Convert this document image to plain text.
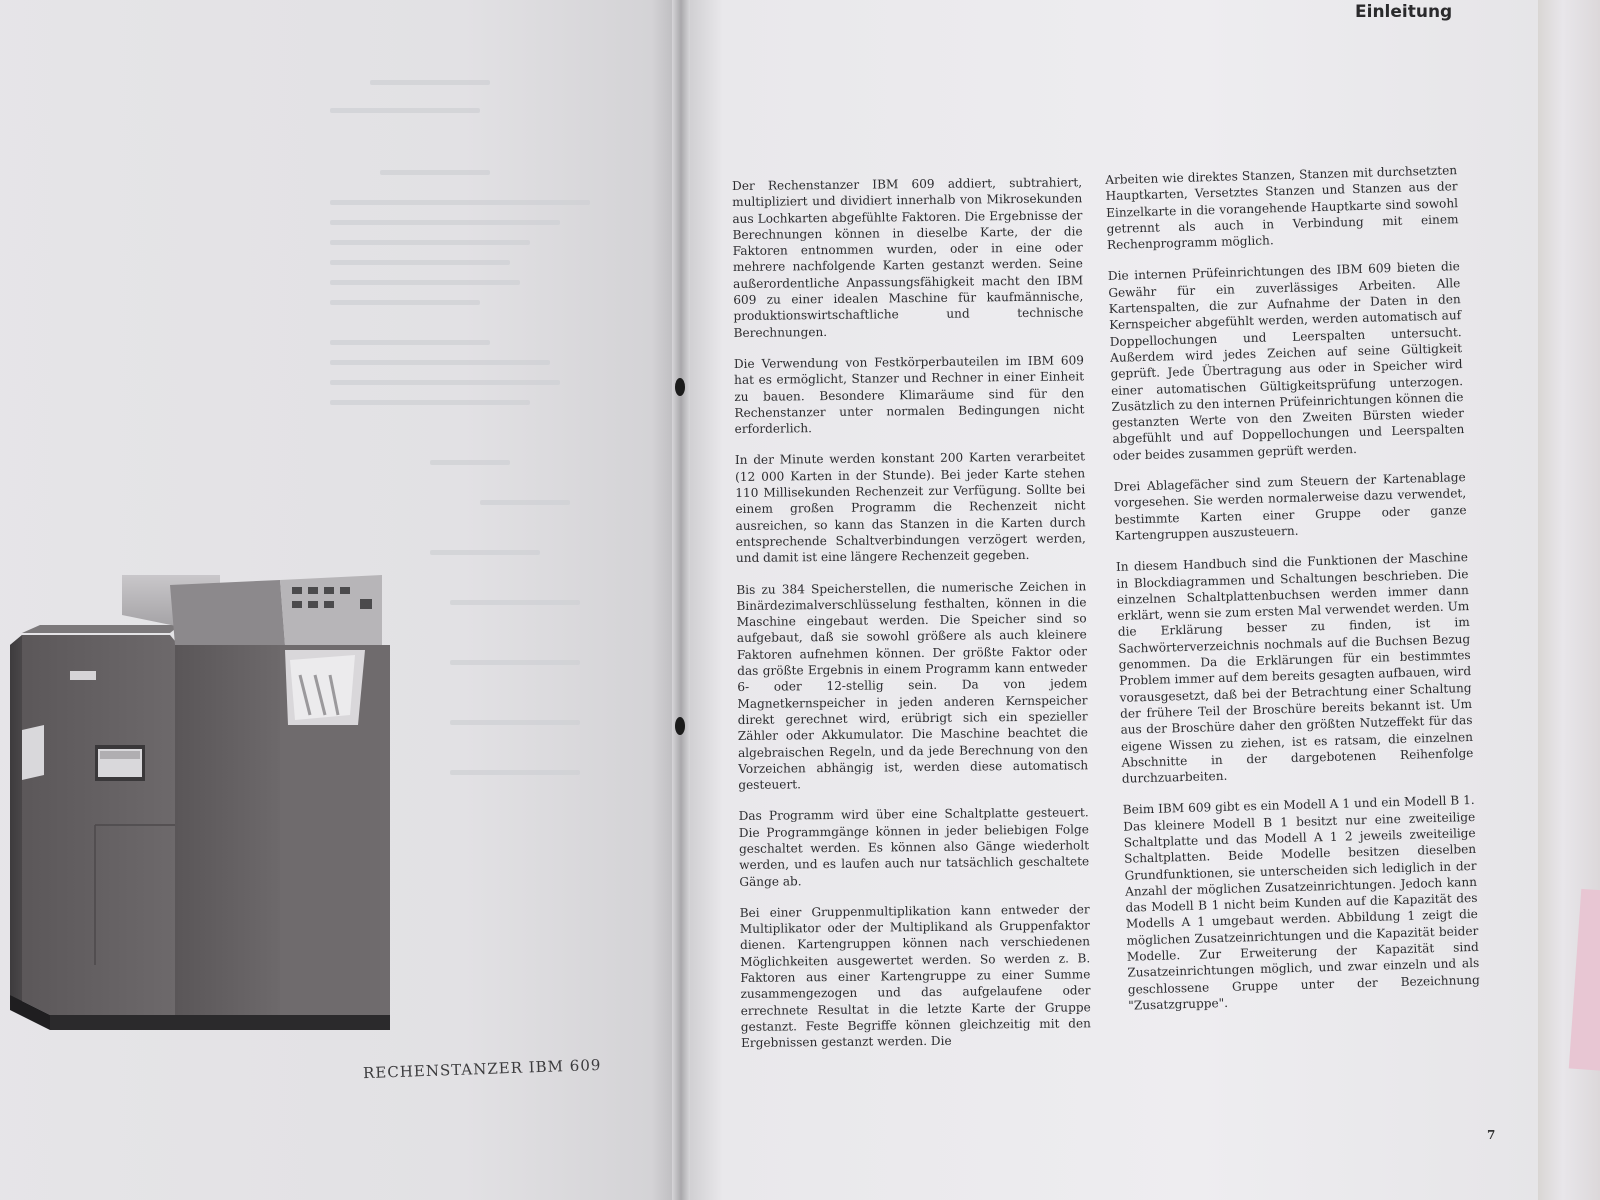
RECHENSTANZER IBM 609
Einleitung

Der Rechenstanzer IBM 609 addiert, subtrahiert, multipliziert und dividiert innerhalb von Mikrosekunden aus Lochkarten abgefühlte Faktoren. Die Ergebnisse der Berechnungen können in dieselbe Karte, der die Faktoren entnommen wurden, oder in eine oder mehrere nachfolgende Karten gestanzt werden. Seine außerordentliche Anpassungsfähigkeit macht den IBM 609 zu einer idealen Maschine für kaufmännische, produktionswirtschaftliche und technische Berechnungen.

Die Verwendung von Festkörperbauteilen im IBM 609 hat es ermöglicht, Stanzer und Rechner in einer Einheit zu bauen. Besondere Klimaräume sind für den Rechenstanzer unter normalen Bedingungen nicht erforderlich.

In der Minute werden konstant 200 Karten verarbeitet (12 000 Karten in der Stunde). Bei jeder Karte stehen 110 Millisekunden Rechenzeit zur Verfügung. Sollte bei einem großen Programm die Rechenzeit nicht ausreichen, so kann das Stanzen in die Karten durch entsprechende Schaltverbindungen verzögert werden, und damit ist eine längere Rechenzeit gegeben.

Bis zu 384 Speicherstellen, die numerische Zeichen in Binärdezimalverschlüsselung festhalten, können in die Maschine eingebaut werden. Die Speicher sind so aufgebaut, daß sie sowohl größere als auch kleinere Faktoren aufnehmen können. Der größte Faktor oder das größte Ergebnis in einem Programm kann entweder 6- oder 12-stellig sein. Da von jedem Magnetkernspeicher in jeden anderen Kernspeicher direkt gerechnet wird, erübrigt sich ein spezieller Zähler oder Akkumulator. Die Maschine beachtet die algebraischen Regeln, und da jede Berechnung von den Vorzeichen abhängig ist, werden diese automatisch gesteuert.

Das Programm wird über eine Schaltplatte gesteuert. Die Programmgänge können in jeder beliebigen Folge geschaltet werden. Es können also Gänge wiederholt werden, und es laufen auch nur tatsächlich geschaltete Gänge ab.

Bei einer Gruppenmultiplikation kann entweder der Multiplikator oder der Multiplikand als Gruppenfaktor dienen. Kartengruppen können nach verschiedenen Möglichkeiten ausgewertet werden. So werden z. B. Faktoren aus einer Kartengruppe zu einer Summe zusammengezogen und das aufgelaufene oder errechnete Resultat in die letzte Karte der Gruppe gestanzt. Feste Begriffe können gleichzeitig mit den Ergebnissen gestanzt werden. Die

Arbeiten wie direktes Stanzen, Stanzen mit durchsetzten Hauptkarten, Versetztes Stanzen und Stanzen aus der Einzelkarte in die vorangehende Hauptkarte sind sowohl getrennt als auch in Verbindung mit einem Rechenprogramm möglich.

Die internen Prüfeinrichtungen des IBM 609 bieten die Gewähr für ein zuverlässiges Arbeiten. Alle Kartenspalten, die zur Aufnahme der Daten in den Kernspeicher abgefühlt werden, werden automatisch auf Doppellochungen und Leerspalten untersucht. Außerdem wird jedes Zeichen auf seine Gültigkeit geprüft. Jede Übertragung aus oder in Speicher wird einer automatischen Gültigkeitsprüfung unterzogen. Zusätzlich zu den internen Prüfeinrichtungen können die gestanzten Werte von den Zweiten Bürsten wieder abgefühlt und auf Doppellochungen und Leerspalten oder beides zusammen geprüft werden.

Drei Ablagefächer sind zum Steuern der Kartenablage vorgesehen. Sie werden normalerweise dazu verwendet, bestimmte Karten einer Gruppe oder ganze Kartengruppen auszusteuern.

In diesem Handbuch sind die Funktionen der Maschine in Blockdiagrammen und Schaltungen beschrieben. Die einzelnen Schaltplattenbuchsen werden immer dann erklärt, wenn sie zum ersten Mal verwendet werden. Um die Erklärung besser zu finden, ist im Sachwörterverzeichnis nochmals auf die Buchsen Bezug genommen. Da die Erklärungen für ein bestimmtes Problem immer auf dem bereits gesagten aufbauen, wird vorausgesetzt, daß bei der Betrachtung einer Schaltung der frühere Teil der Broschüre bereits bekannt ist. Um aus der Broschüre daher den größten Nutzeffekt für das eigene Wissen zu ziehen, ist es ratsam, die einzelnen Abschnitte in der dargebotenen Reihenfolge durchzuarbeiten.

Beim IBM 609 gibt es ein Modell A 1 und ein Modell B 1. Das kleinere Modell B 1 besitzt nur eine zweiteilige Schaltplatte und das Modell A 1 2 jeweils zweiteilige Schaltplatten. Beide Modelle besitzen dieselben Grundfunktionen, sie unterscheiden sich lediglich in der Anzahl der möglichen Zusatzeinrichtungen. Jedoch kann das Modell B 1 nicht beim Kunden auf die Kapazität des Modells A 1 umgebaut werden. Abbildung 1 zeigt die möglichen Zusatzeinrichtungen und die Kapazität beider Modelle. Zur Erweiterung der Kapazität sind Zusatzeinrichtungen möglich, und zwar einzeln und als geschlossene Gruppe unter der Bezeichnung "Zusatzgruppe".

7
